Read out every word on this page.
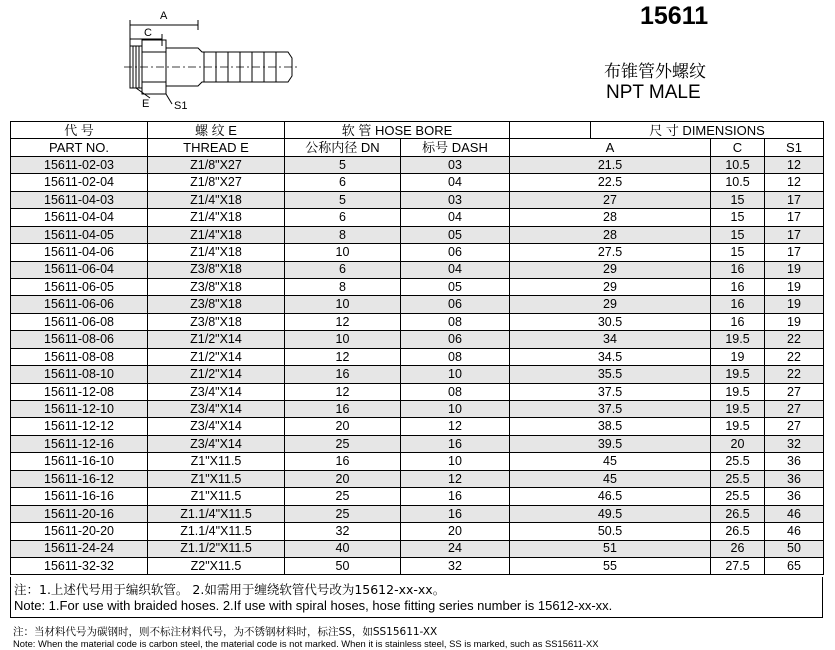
15611
布锥管外螺纹
NPT MALE
A
C
E S1
代 号	螺 纹 E	软 管 HOSE BORE			尺 寸 DIMENSIONS		
PART NO.	THREAD E	公称内径 DN	标号 DASH	A		C	S1
15611-02-03	Z1/8"X27	5	03	21.5		10.5	12
15611-02-04	Z1/8"X27	6	04	22.5		10.5	12
15611-04-03	Z1/4"X18	5	03	27		15	17
15611-04-04	Z1/4"X18	6	04	28		15	17
15611-04-05	Z1/4"X18	8	05	28		15	17
15611-04-06	Z1/4"X18	10	06	27.5		15	17
15611-06-04	Z3/8"X18	6	04	29		16	19
15611-06-05	Z3/8"X18	8	05	29		16	19
15611-06-06	Z3/8"X18	10	06	29		16	19
15611-06-08	Z3/8"X18	12	08	30.5		16	19
15611-08-06	Z1/2"X14	10	06	34		19.5	22
15611-08-08	Z1/2"X14	12	08	34.5		19	22
15611-08-10	Z1/2"X14	16	10	35.5		19.5	22
15611-12-08	Z3/4"X14	12	08	37.5		19.5	27
15611-12-10	Z3/4"X14	16	10	37.5		19.5	27
15611-12-12	Z3/4"X14	20	12	38.5		19.5	27
15611-12-16	Z3/4"X14	25	16	39.5		20	32
15611-16-10	Z1"X11.5	16	10	45		25.5	36
15611-16-12	Z1"X11.5	20	12	45		25.5	36
15611-16-16	Z1"X11.5	25	16	46.5		25.5	36
15611-20-16	Z1.1/4"X11.5	25	16	49.5		26.5	46
15611-20-20	Z1.1/4"X11.5	32	20	50.5		26.5	46
15611-24-24	Z1.1/2"X11.5	40	24	51		26	50
15611-32-32	Z2"X11.5	50	32	55		27.5	65
注：1.上述代号用于编织软管。 2.如需用于缠绕软管代号改为15612-xx-xx。
Note: 1.For use with braided hoses. 2.If use with spiral hoses, hose fitting series number is 15612-xx-xx.
注：当材料代号为碳钢时，则不标注材料代号，为不锈钢材料时，标注SS，如SS15611-XX
Note: When the material code is carbon steel, the material code is not marked. When it is stainless steel, SS is marked, such as SS15611-XX
